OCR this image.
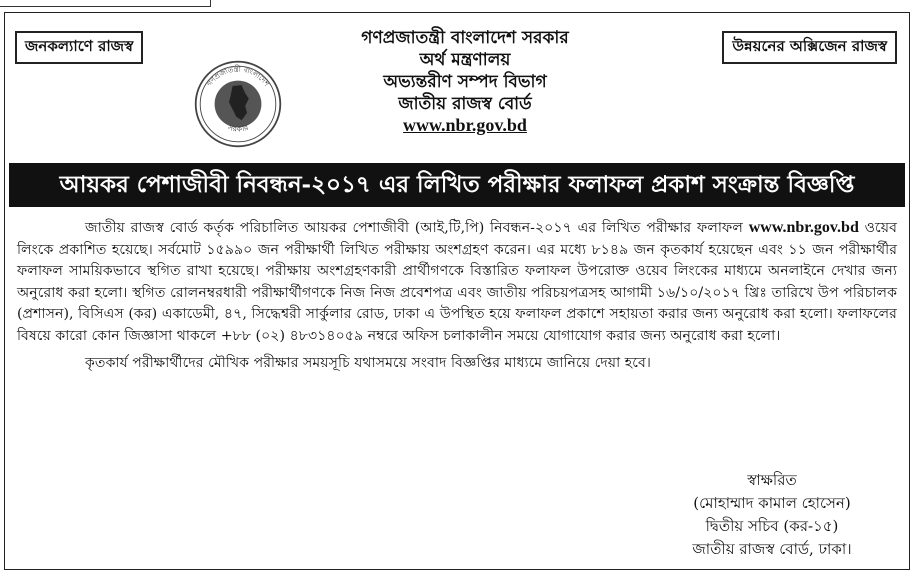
জনকল্যাণে রাজস্ব	উন্নয়নের অক্সিজেন রাজস্ব
গণপ্রজাতন্ত্রী বাংলাদেশ
সরকার
গণপ্রজাতন্ত্রী বাংলাদেশ সরকার
অর্থ মন্ত্রণালয়
অভ্যন্তরীণ সম্পদ বিভাগ
জাতীয় রাজস্ব বোর্ড
www.nbr.gov.bd
আয়কর পেশাজীবী নিবন্ধন-২০১৭ এর লিখিত পরীক্ষার ফলাফল প্রকাশ সংক্রান্ত বিজ্ঞপ্তি

জাতীয় রাজস্ব বোর্ড কর্তৃক পরিচালিত আয়কর পেশাজীবী (আই,টি,পি) নিবন্ধন-২০১৭ এর লিখিত পরীক্ষার ফলাফল www.nbr.gov.bd ওয়েব লিংকে প্রকাশিত হয়েছে। সর্বমোট ১৫৯৯০ জন পরীক্ষার্থী লিখিত পরীক্ষায় অংশগ্রহণ করেন। এর মধ্যে ৮১৪৯ জন কৃতকার্য হয়েছেন এবং ১১ জন পরীক্ষার্থীর ফলাফল সাময়িকভাবে স্থগিত রাখা হয়েছে। পরীক্ষায় অংশগ্রহণকারী প্রার্থীগণকে বিস্তারিত ফলাফল উপরোক্ত ওয়েব লিংকের মাধ্যমে অনলাইনে দেখার জন্য অনুরোধ করা হলো। স্থগিত রোলনম্বরধারী পরীক্ষার্থীগণকে নিজ নিজ প্রবেশপত্র এবং জাতীয় পরিচয়পত্রসহ আগামী ১৬/১০/২০১৭ খ্রিঃ তারিখে উপ পরিচালক (প্রশাসন), বিসিএস (কর) একাডেমী, ৪৭, সিদ্ধেশ্বরী সার্কুলার রোড, ঢাকা এ উপস্থিত হয়ে ফলাফল প্রকাশে সহায়তা করার জন্য অনুরোধ করা হলো। ফলাফলের বিষয়ে কারো কোন জিজ্ঞাসা থাকলে +৮৮ (০২) ৪৮৩১৪০৫৯ নম্বরে অফিস চলাকালীন সময়ে যোগাযোগ করার জন্য অনুরোধ করা হলো।

কৃতকার্য পরীক্ষার্থীদের মৌখিক পরীক্ষার সময়সূচি যথাসময়ে সংবাদ বিজ্ঞপ্তির মাধ্যমে জানিয়ে দেয়া হবে।

স্বাক্ষরিত
(মোহাম্মাদ কামাল হোসেন)
দ্বিতীয় সচিব (কর-১৫)
জাতীয় রাজস্ব বোর্ড, ঢাকা।
